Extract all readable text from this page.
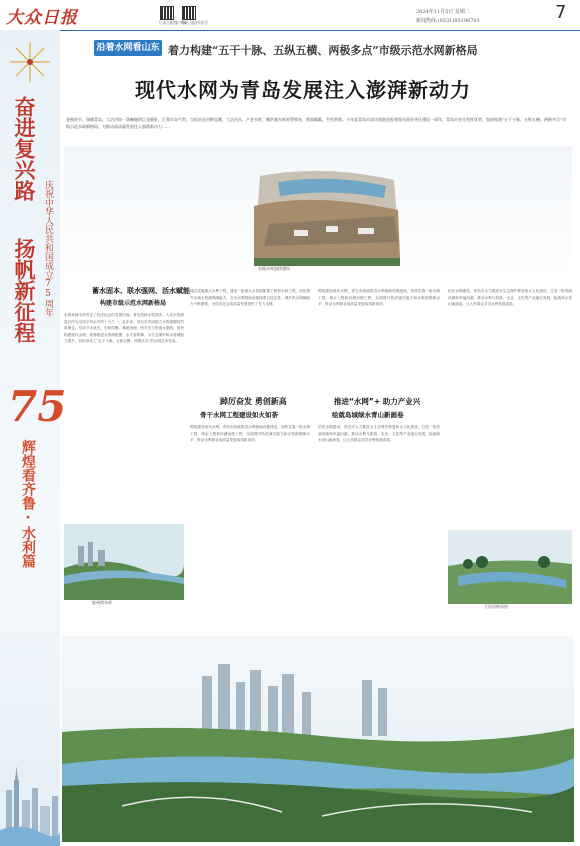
大众日报	大众日报客户端
大众日报抖音号
2024年11月5日 星期二
新闻热线:(0531)85196701	7
奋进复兴路
扬帆新征程 庆祝中华人民共和国成立75周年
75
辉煌看齐鲁·水利篇
沿着水网看山东 着力构建“五干十脉、五纵五横、两极多点”市级示范水网新格局
现代水网为青岛发展注入澎湃新动力
金秋时节，绿城青岛。大沽河如一条蜿蜒的巨龙静卧，汇聚半岛气势，当你站在河畔远眺，大沽河水，产芝水库，棘洪滩水库星罗棋布，碧波粼粼，生机勃勃。今年是青岛市成功获批国家省级水网先导区建设一周年，青岛市充分发挥优势，加快构建“五干十脉、五纵五横、两极多点”市级示范水网新格局，为推动高质量发展注入澎湃新动力……
官路水库加快建设
蓄水固本、联水强网、活水赋能
构建市级示范水网新格局
水网承载交织决定了经济社会的发展空间。青岛是缺水型城市，人均水资源量仅约为全国平均水平的十分之一。近年来，青岛市牢固树立水资源刚性约束理念，坚持节水优先、空间均衡、系统治理、两手发力的治水思路，加快构建现代水网，统筹推进水资源配置、水灾害防御、水生态保护和水管理能力提升，初步形成了“五干十脉、五纵五横、两极多点”的水网总体布局。
胶州湾水库
通过实施重点水利工程，建成一批重大水资源配置工程和水源工程，优化提升区域水资源保障能力，全市水利基础设施体系日趋完善，城乡供水保障能力不断增强，为经济社会高质量发展提供了有力支撑。
踔厉奋发 勇创新高
骨干水网工程建设如火如荼
围绕建设现代水网，青岛市持续推进水利基础设施建设，加快实施一批水源工程、调水工程和河湖治理工程，全面提升防洪减灾能力和水资源保障水平，推动水利事业高质量发展取得新成效。
围绕建设现代水网，青岛市持续推进水利基础设施建设，加快实施一批水源工程、调水工程和河湖治理工程，全面提升防洪减灾能力和水资源保障水平，推动水利事业高质量发展取得新成效。
推进“水网”+ 助力产业兴
绘就岛城绿水青山新画卷
依托水网建设，青岛市大力推进水生态保护修复和水文化建设，打造一批美丽河湖和幸福河湖，推动水利与旅游、农业、文化等产业融合发展，绘就绿水青山新画卷，让人民群众共享水利发展成果。
依托水网建设，青岛市大力推进水生态保护修复和水文化建设，打造一批美丽河湖和幸福河湖，推动水利与旅游、农业、文化等产业融合发展，绘就绿水青山新画卷，让人民群众共享水利发展成果。
大沽河秋风图
